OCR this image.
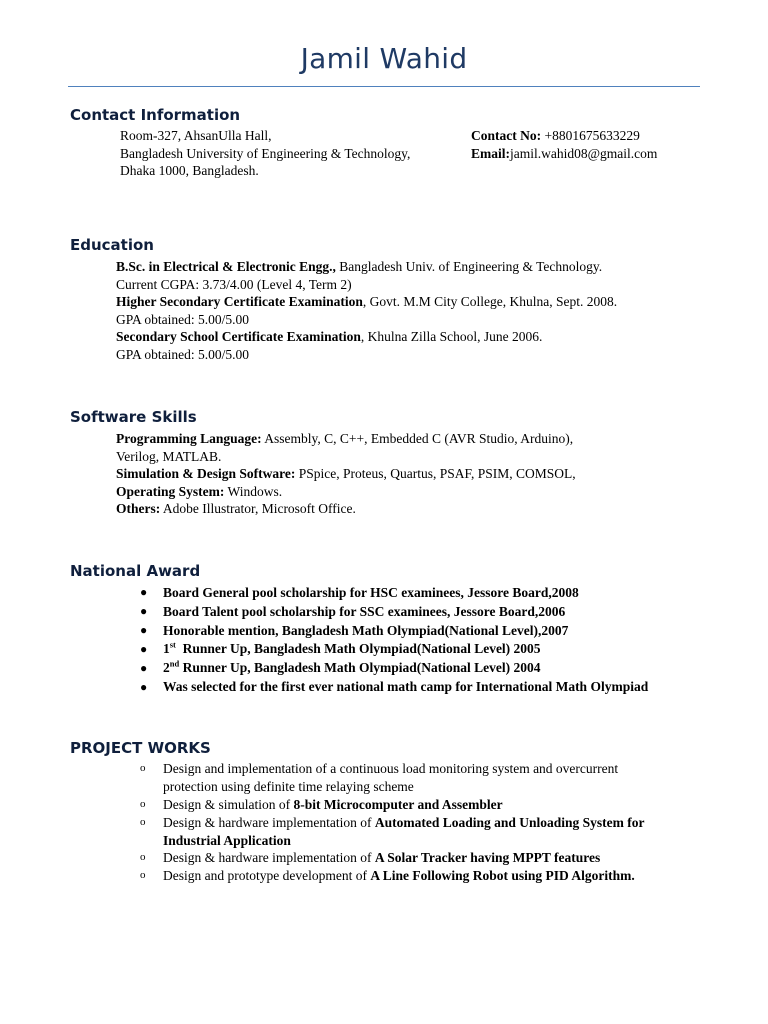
Jamil Wahid
Contact Information
Room-327, AhsanUlla Hall,
Bangladesh University of Engineering & Technology,
Dhaka 1000, Bangladesh.
Contact No: +8801675633229
Email:jamil.wahid08@gmail.com
Education
B.Sc. in Electrical & Electronic Engg., Bangladesh Univ. of Engineering & Technology.
Current CGPA: 3.73/4.00 (Level 4, Term 2)
Higher Secondary Certificate Examination, Govt. M.M City College, Khulna, Sept. 2008.
GPA obtained: 5.00/5.00
Secondary School Certificate Examination, Khulna Zilla School, June 2006.
GPA obtained: 5.00/5.00
Software Skills
Programming Language: Assembly, C, C++, Embedded C (AVR Studio, Arduino),
Verilog, MATLAB.
Simulation & Design Software: PSpice, Proteus, Quartus, PSAF, PSIM, COMSOL,
Operating System: Windows.
Others: Adobe Illustrator, Microsoft Office.
National Award
● Board General pool scholarship for HSC examinees, Jessore Board,2008
● Board Talent pool scholarship for SSC examinees, Jessore Board,2006
● Honorable mention, Bangladesh Math Olympiad(National Level),2007
● 1st  Runner Up, Bangladesh Math Olympiad(National Level) 2005
● 2nd Runner Up, Bangladesh Math Olympiad(National Level) 2004
● Was selected for the first ever national math camp for International Math Olympiad
PROJECT WORKS
o Design and implementation of a continuous load monitoring system and overcurrent
protection using definite time relaying scheme
o Design & simulation of 8-bit Microcomputer and Assembler
o Design & hardware implementation of Automated Loading and Unloading System for
Industrial Application
o Design & hardware implementation of A Solar Tracker having MPPT features
o Design and prototype development of A Line Following Robot using PID Algorithm.
